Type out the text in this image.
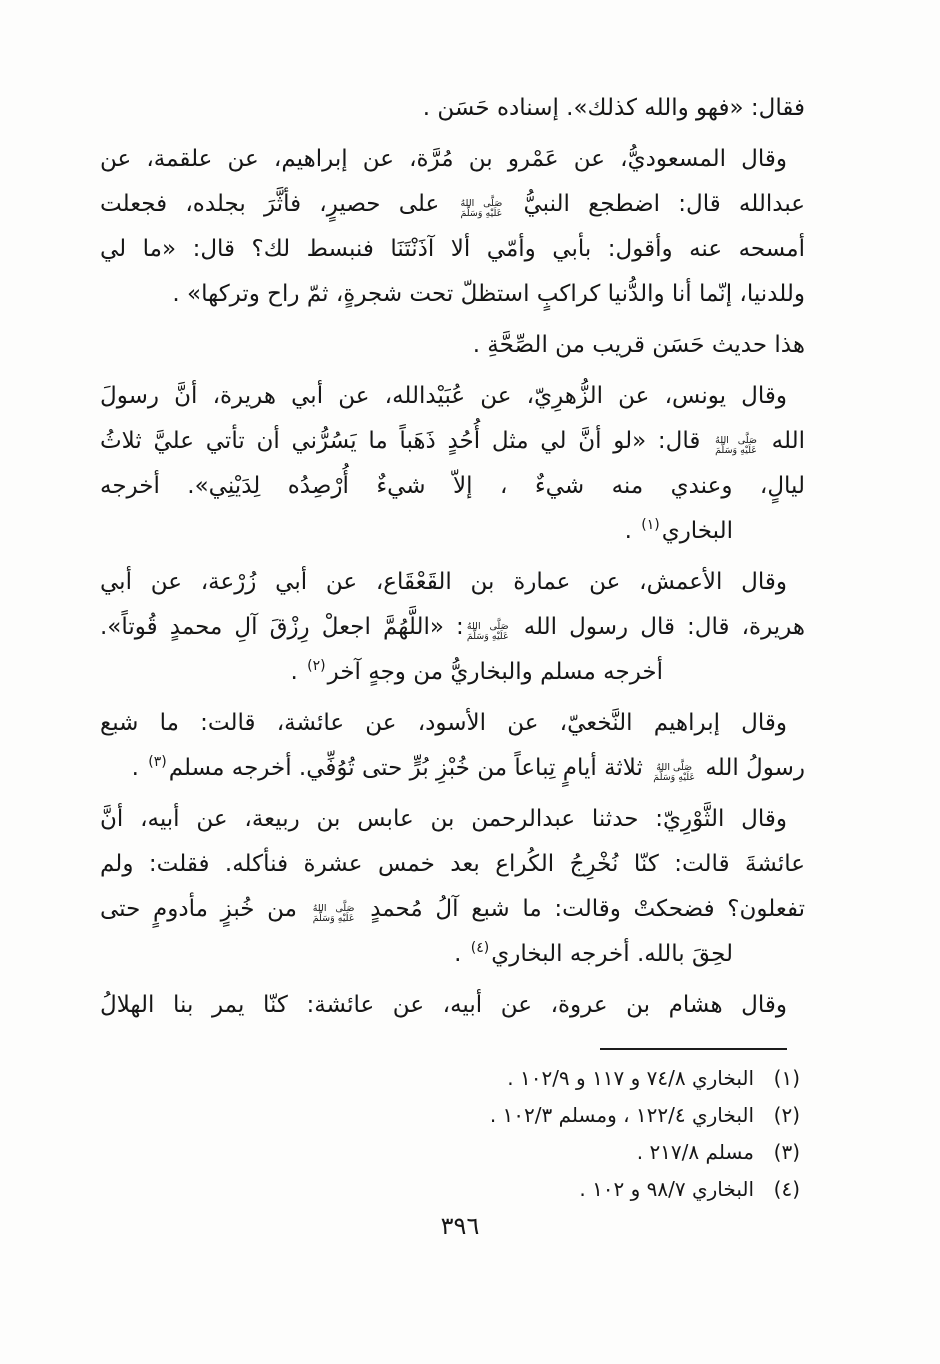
فقال: «فهو والله كذلك». إسناده حَسَن .
وقال المسعوديُّ، عن عَمْرو بن مُرَّة، عن إبراهيم، عن علقمة، عن
عبدالله قال: اضطجع النبيُّ
صَلَّى اللهُ
عَلَيْهِ وَسَلَّمَ
على حصيرٍ، فأثَّرَ بجلده، فجعلت
أمسحه عنه وأقول: بأبي وأمّي ألا آذَنْتَنَا فنبسط لك؟ قال: «ما لي
وللدنيا، إنّما أنا والدُّنيا كراكبٍ استظلّ تحت شجرةٍ، ثمّ راح وتركها» .
هذا حديث حَسَن قريب من الصِّحَّةِ .
وقال يونس، عن الزُّهرِيّ، عن عُبَيْدالله، عن أبي هريرة، أنَّ رسولَ
الله
صَلَّى اللهُ
عَلَيْهِ وَسَلَّمَ
قال: «لو أنَّ لي مثل أُحُدٍ ذَهَباً ما يَسُرُّني أن تأتي عليَّ ثلاثُ
ليالٍ، وعندي منه شيءٌ ، إلاّ شيءٌ أُرْصِدُه لِدَيْنِي». أخرجه
البخاري$^{(١)}$ .
وقال الأعمش، عن عمارة بن القَعْقَاع، عن أبي زُرْعة، عن أبي
هريرة، قال: قال رسول الله
صَلَّى اللهُ
عَلَيْهِ وَسَلَّمَ
: «اللَّهُمَّ اجعلْ رِزْقَ آلِ محمدٍ قُوتاً».
أخرجه مسلم والبخاريُّ من وجهٍ آخر$^{(٢)}$ .
وقال إبراهيم النَّخعيّ، عن الأسود، عن عائشة، قالت: ما شبع
رسولُ الله
صَلَّى اللهُ
عَلَيْهِ وَسَلَّمَ
ثلاثة أيامٍ تِباعاً من خُبْزِ بُرٍّ حتى تُوُفِّي. أخرجه مسلم$^{(٣)}$ .
وقال الثَّوْرِيّ: حدثنا عبدالرحمن بن عابس بن ربيعة، عن أبيه، أنَّ
عائشةَ قالت: كنّا نُخْرِجُ الكُراع بعد خمس عشرة فنأكله. فقلت: ولم
تفعلون؟ فضحكتْ وقالت: ما شبع آلُ مُحمدٍ
صَلَّى اللهُ
عَلَيْهِ وَسَلَّمَ
من خُبزٍ مأدومٍ حتى
لحِقَ بالله. أخرجه البخاري$^{(٤)}$ .
وقال هشام بن عروة، عن أبيه، عن عائشة: كنّا يمر بنا الهلالُ
(١)
البخاري ٧٤/٨ و ١١٧ و ١٠٢/٩ .
(٢)
البخاري ١٢٢/٤ ، ومسلم ١٠٢/٣ .
(٣)
مسلم ٢١٧/٨ .
(٤)
البخاري ٩٨/٧ و ١٠٢ .
٣٩٦
